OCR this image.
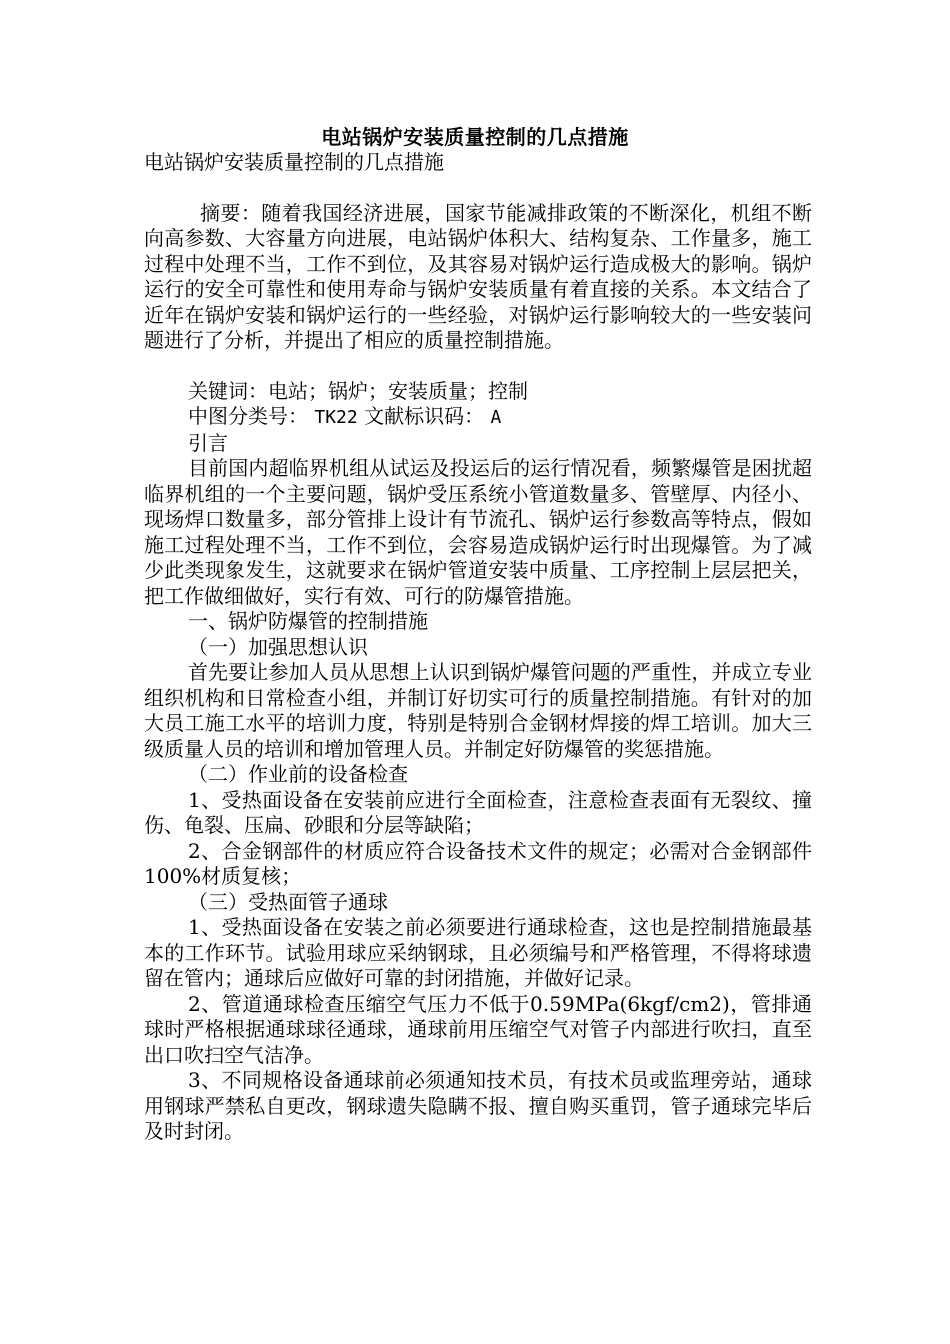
电站锅炉安装质量控制的几点措施

电站锅炉安装质量控制的几点措施

摘要：随着我国经济进展，国家节能减排政策的不断深化，机组不断向高参数、大容量方向进展，电站锅炉体积大、结构复杂、工作量多，施工过程中处理不当，工作不到位，及其容易对锅炉运行造成极大的影响。锅炉运行的安全可靠性和使用寿命与锅炉安装质量有着直接的关系。本文结合了近年在锅炉安装和锅炉运行的一些经验，对锅炉运行影响较大的一些安装问题进行了分析，并提出了相应的质量控制措施。

关键词：电站；锅炉；安装质量；控制

中图分类号： TK22 文献标识码： A

引言

目前国内超临界机组从试运及投运后的运行情况看，频繁爆管是困扰超临界机组的一个主要问题，锅炉受压系统小管道数量多、管壁厚、内径小、现场焊口数量多，部分管排上设计有节流孔、锅炉运行参数高等特点，假如施工过程处理不当，工作不到位，会容易造成锅炉运行时出现爆管。为了减少此类现象发生，这就要求在锅炉管道安装中质量、工序控制上层层把关，把工作做细做好，实行有效、可行的防爆管措施。

一、锅炉防爆管的控制措施

（一）加强思想认识

首先要让参加人员从思想上认识到锅炉爆管问题的严重性，并成立专业组织机构和日常检查小组，并制订好切实可行的质量控制措施。有针对的加大员工施工水平的培训力度，特别是特别合金钢材焊接的焊工培训。加大三级质量人员的培训和增加管理人员。并制定好防爆管的奖惩措施。

（二）作业前的设备检查

1、受热面设备在安装前应进行全面检查，注意检查表面有无裂纹、撞伤、龟裂、压扁、砂眼和分层等缺陷；

2、合金钢部件的材质应符合设备技术文件的规定；必需对合金钢部件100%材质复核；

（三）受热面管子通球

1、受热面设备在安装之前必须要进行通球检查，这也是控制措施最基本的工作环节。试验用球应采纳钢球，且必须编号和严格管理，不得将球遗留在管内；通球后应做好可靠的封闭措施，并做好记录。

2、管道通球检查压缩空气压力不低于0.59MPa(6kgf/cm2)，管排通球时严格根据通球球径通球，通球前用压缩空气对管子内部进行吹扫，直至出口吹扫空气洁净。

3、不同规格设备通球前必须通知技术员，有技术员或监理旁站，通球用钢球严禁私自更改，钢球遗失隐瞒不报、擅自购买重罚，管子通球完毕后及时封闭。
